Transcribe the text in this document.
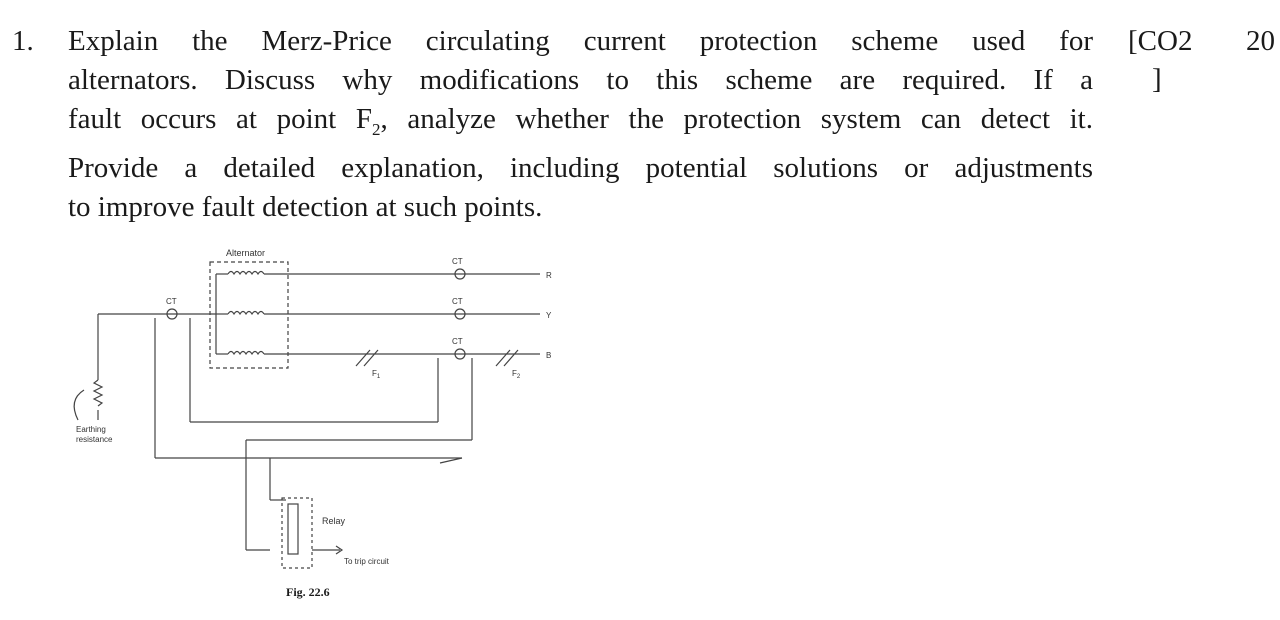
1. Explain the Merz-Price circulating current protection scheme used for
alternators. Discuss why modifications to this scheme are required. If a
fault occurs at point $F_2$, analyze whether the protection system can detect it.
Provide a detailed explanation, including potential solutions or adjustments
to improve fault detection at such points.
[CO2
]
20
Alternator
CT
CT
CT
CT
R
Y
B
$F_1$	$F_2$
Earthing
resistance
Relay
To trip circuit
Fig. 22.6
